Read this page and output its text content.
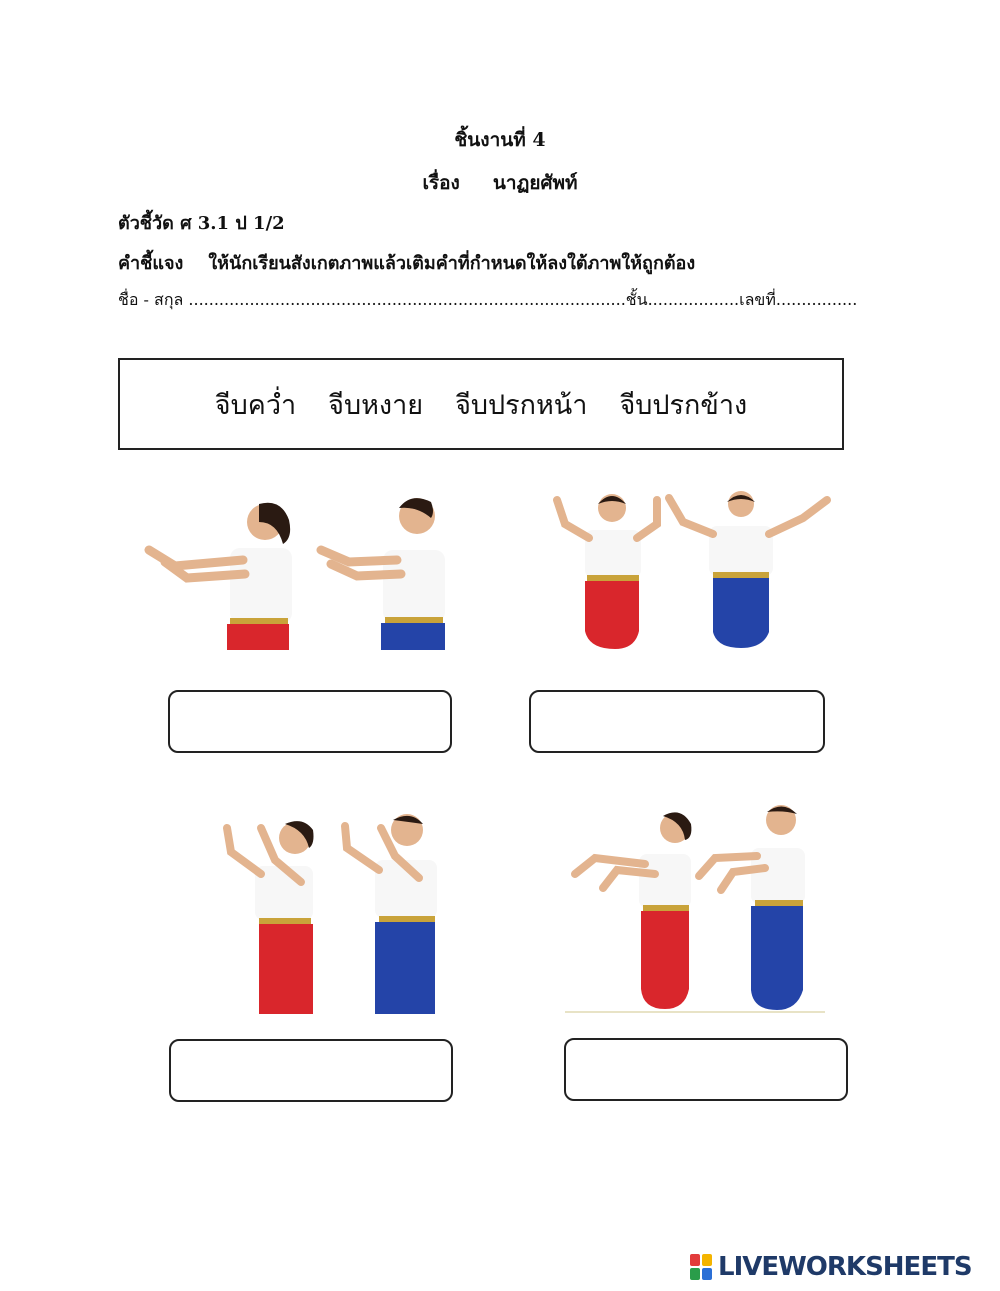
ชิ้นงานที่ 4
เรื่อง นาฏยศัพท์
ตัวชี้วัด ศ 3.1 ป 1/2
คำชี้แจง ให้นักเรียนสังเกตภาพแล้วเติมคำที่กำหนดให้ลงใต้ภาพให้ถูกต้อง
ชื่อ - สกุล ......................................................................................ชั้น..................เลขที่................
จีบคว่ำ จีบหงาย จีบปรกหน้า จีบปรกข้าง
LIVEWORKSHEETS
